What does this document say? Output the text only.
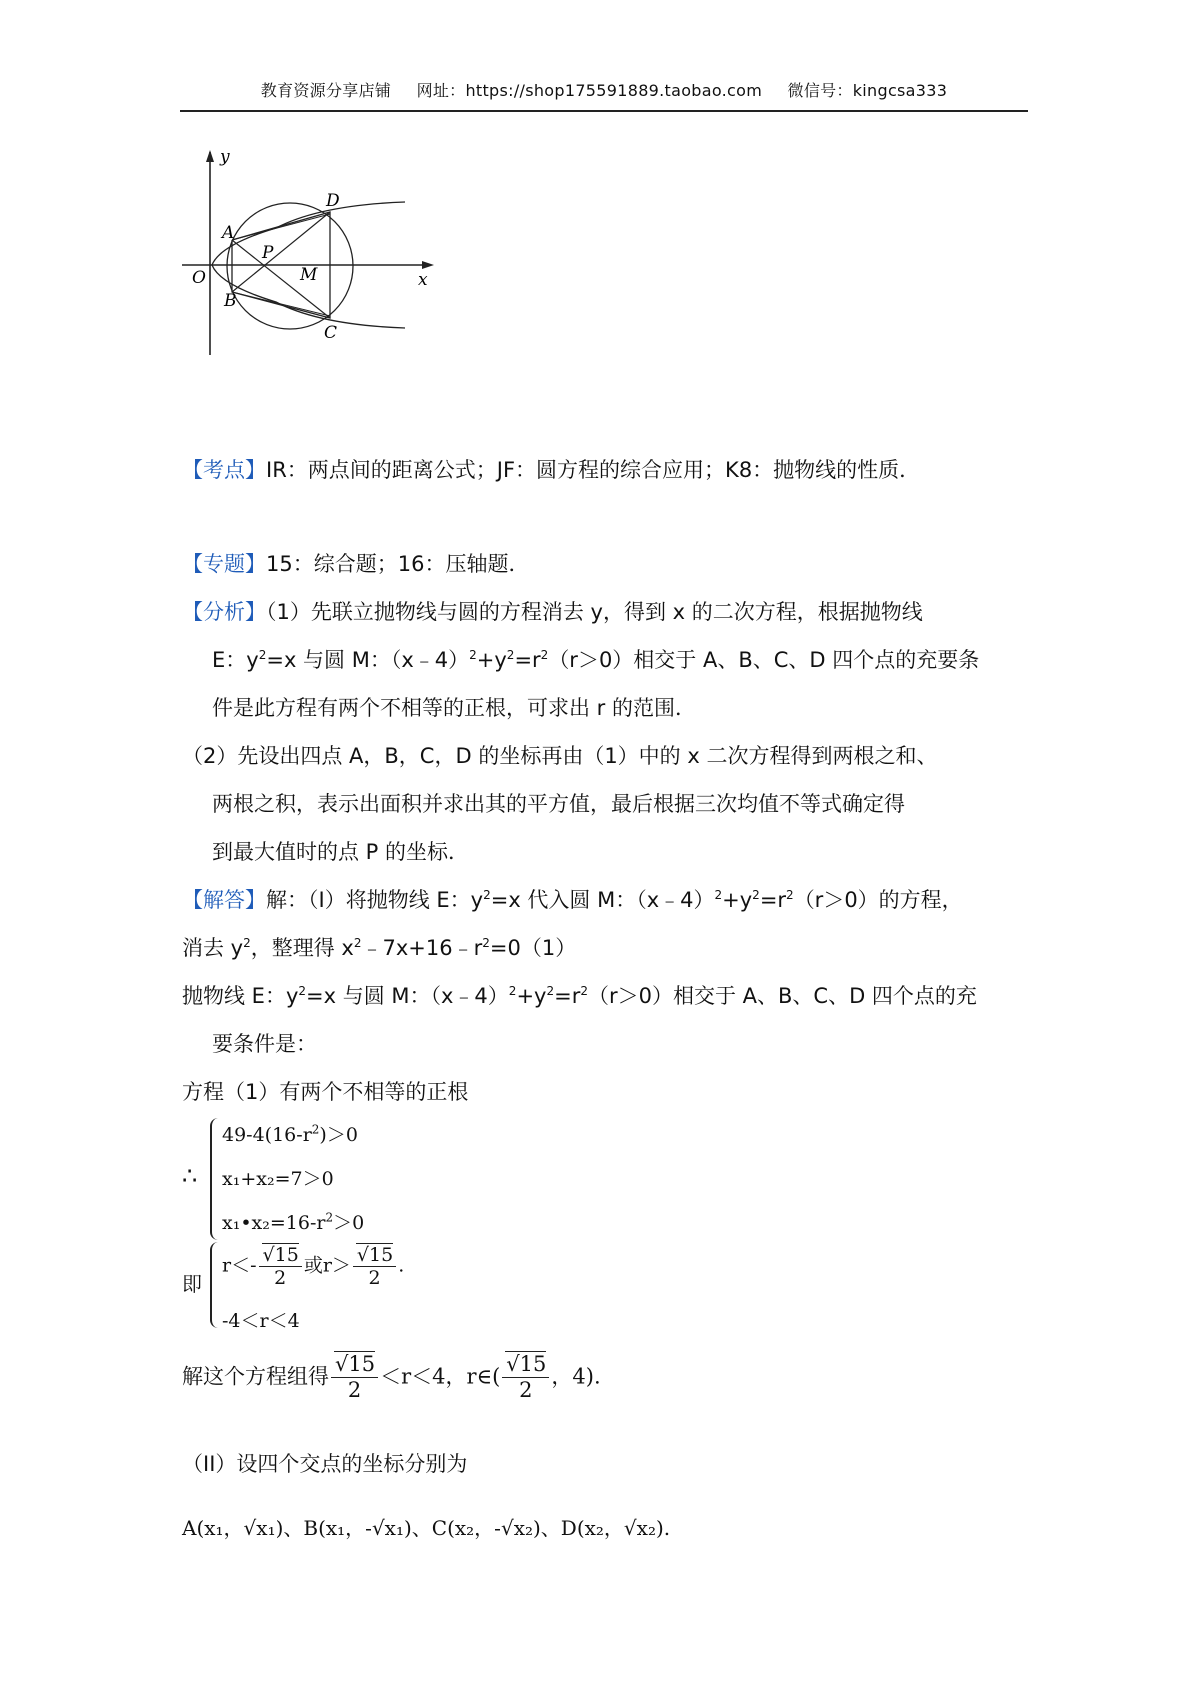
教育资源分享店铺 网址：https://shop175591889.taobao.com 微信号：kingcsa333
y
x
O
A
B
C
D
P
M
【考点】IR：两点间的距离公式；JF：圆方程的综合应用；K8：抛物线的性质．
【专题】15：综合题；16：压轴题．
【分析】（1）先联立抛物线与圆的方程消去 y，得到 x 的二次方程，根据抛物线
E：$y^2=x$ 与圆 M：$(x﹣4)^2+y^2=r^2(r>0)$相交于 A、B、C、D 四个点的充要条
件是此方程有两个不相等的正根，可求出 r 的范围．
（2）先设出四点 A，B，C，D 的坐标再由（1）中的 x 二次方程得到两根之和、
两根之积，表示出面积并求出其的平方值，最后根据三次均值不等式确定得
到最大值时的点 P 的坐标．
【解答】解：（Ⅰ）将抛物线 E：$y^2=x$ 代入圆 M：$(x﹣4)^2+y^2=r^2(r>0)$的方程，
消去 $y^2$，整理得 $x^2﹣7x+16﹣r^2=0(1)$
抛物线 E：$y^2=x$ 与圆 M：$(x﹣4)^2+y^2=r^2(r>0)$相交于 A、B、C、D 四个点的充
要条件是：
方程（1）有两个不相等的正根
∴
$49-4(16-r^2)>0$
x₁+x₂=7＞0
$x_1•x_2=16-r^2>0$
即
$r<- \frac{√15}{2}$ 或$r> \frac{√15}{2}$ .
-4＜r＜4
解这个方程组得 $\frac{√15}{2} <r<4$，r∈( $\frac{√15}{2}$ ，4).
（II）设四个交点的坐标分别为
A(x₁，√x₁)、B(x₁，-√x₁)、C(x₂，-√x₂)、D(x₂，√x₂).
